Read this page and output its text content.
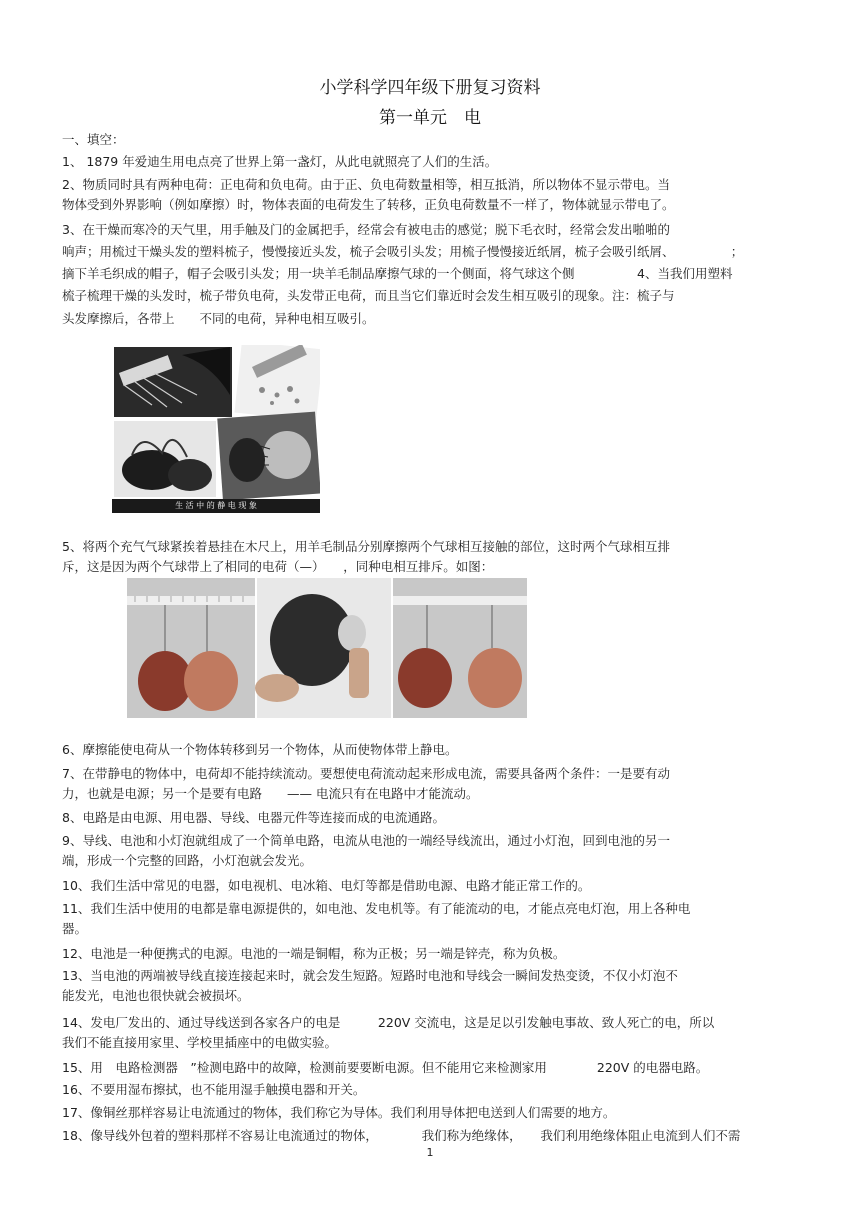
小学科学四年级下册复习资料
第一单元　电
一、填空：
1、 1879 年爱迪生用电点亮了世界上第一盏灯，从此电就照亮了人们的生活。
2、物质同时具有两种电荷：正电荷和负电荷。由于正、负电荷数量相等，相互抵消，所以物体不显示带电。当
物体受到外界影响（例如摩擦）时，物体表面的电荷发生了转移，正负电荷数量不一样了，物体就显示带电了。
3、在干燥而寒冷的天气里，用手触及门的金属把手，经常会有被电击的感觉；脱下毛衣时，经常会发出啪啪的
响声；用梳过干燥头发的塑料梳子，慢慢接近头发，梳子会吸引头发；用梳子慢慢接近纸屑，梳子会吸引纸屑、　　　　　；
摘下羊毛织成的帽子，帽子会吸引头发；用一块羊毛制品摩擦气球的一个侧面，将气球这个侧　　　　　4、当我们用塑料
梳子梳理干燥的头发时，梳子带负电荷，头发带正电荷，而且当它们靠近时会发生相互吸引的现象。注：梳子与
头发摩擦后，各带上　　不同的电荷，异种电相互吸引。
生 活 中 的 静 电 现 象
5、将两个充气气球紧挨着悬挂在木尺上，用羊毛制品分别摩擦两个气球相互接触的部位，这时两个气球相互排
斥，这是因为两个气球带上了相同的电荷（—）　　，同种电相互排斥。如图：
6、摩擦能使电荷从一个物体转移到另一个物体，从而使物体带上静电。
7、在带静电的物体中，电荷却不能持续流动。要想使电荷流动起来形成电流，需要具备两个条件：一是要有动
力，也就是电源；另一个是要有电路　　—— 电流只有在电路中才能流动。
8、电路是由电源、用电器、导线、电器元件等连接而成的电流通路。
9、导线、电池和小灯泡就组成了一个简单电路，电流从电池的一端经导线流出，通过小灯泡，回到电池的另一
端，形成一个完整的回路，小灯泡就会发光。
10、我们生活中常见的电器，如电视机、电冰箱、电灯等都是借助电源、电路才能正常工作的。
11、我们生活中使用的电都是靠电源提供的，如电池、发电机等。有了能流动的电，才能点亮电灯泡，用上各种电
器。
12、电池是一种便携式的电源。电池的一端是铜帽，称为正极；另一端是锌壳，称为负极。
13、当电池的两端被导线直接连接起来时，就会发生短路。短路时电池和导线会一瞬间发热变烫，不仅小灯泡不
能发光，电池也很快就会被损坏。
14、发电厂发出的、通过导线送到各家各户的电是　　　220V 交流电，这是足以引发触电事故、致人死亡的电，所以
我们不能直接用家里、学校里插座中的电做实验。
15、用　电路检测器　”检测电路中的故障，检测前要要断电源。但不能用它来检测家用　　　　220V 的电器电路。
16、不要用湿布擦拭，也不能用湿手触摸电器和开关。
17、像铜丝那样容易让电流通过的物体，我们称它为导体。我们利用导体把电送到人们需要的地方。
18、像导线外包着的塑料那样不容易让电流通过的物体，　　　　我们称为绝缘体，　　我们利用绝缘体阻止电流到人们不需
1
